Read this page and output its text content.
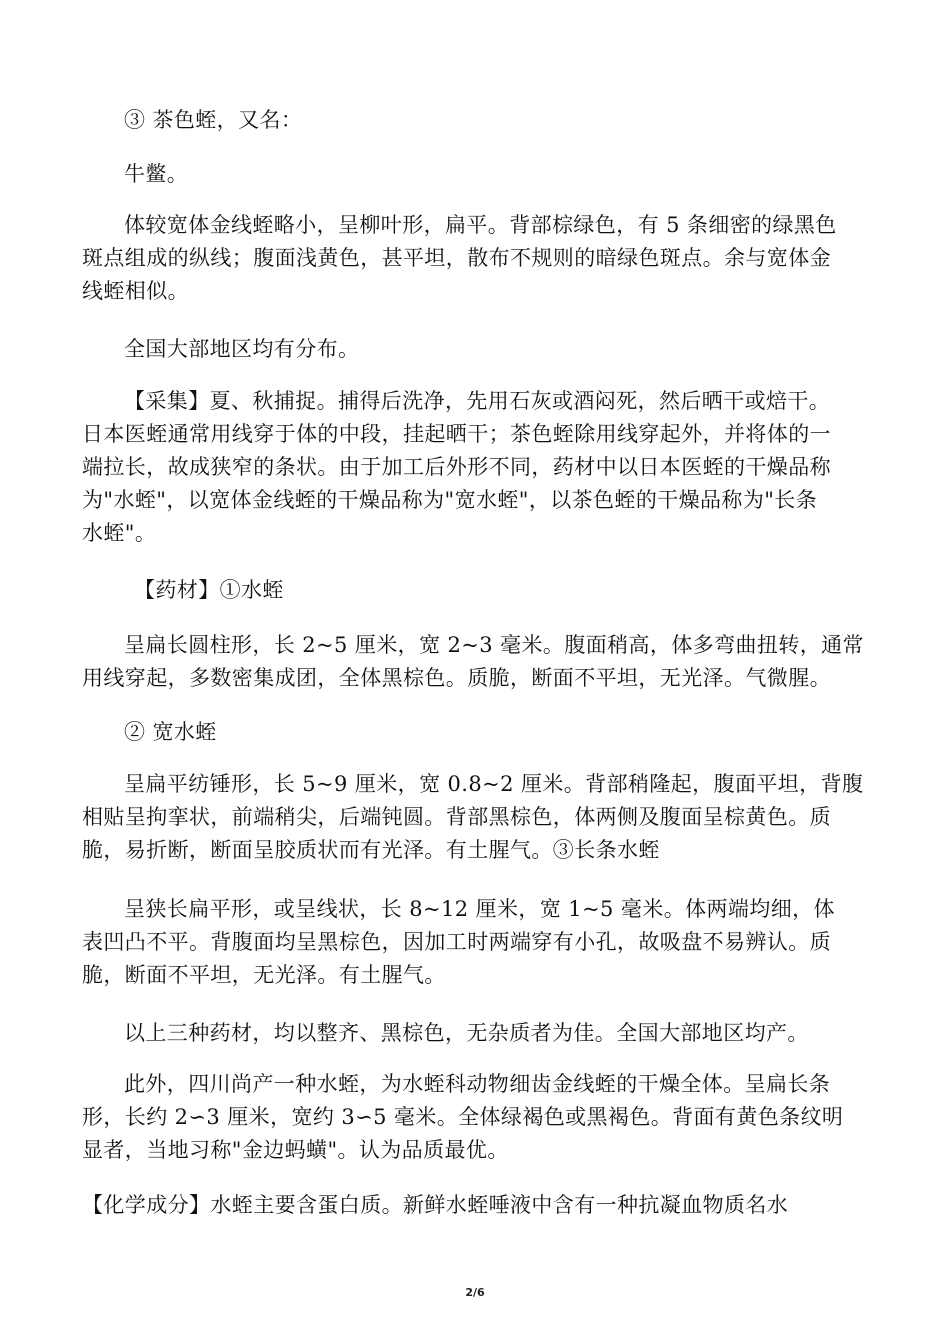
③ 茶色蛭，又名：

牛鳖。

体较宽体金线蛭略小，呈柳叶形，扁平。背部棕绿色，有 5 条细密的绿黑色
斑点组成的纵线；腹面浅黄色，甚平坦，散布不规则的暗绿色斑点。余与宽体金
线蛭相似。

全国大部地区均有分布。

【采集】夏、秋捕捉。捕得后洗净，先用石灰或酒闷死，然后晒干或焙干。
日本医蛭通常用线穿于体的中段，挂起晒干；茶色蛭除用线穿起外，并将体的一
端拉长，故成狭窄的条状。由于加工后外形不同，药材中以日本医蛭的干燥品称
为"水蛭"，以宽体金线蛭的干燥品称为"宽水蛭"，以茶色蛭的干燥品称为"长条
水蛭"。

【药材】①水蛭

呈扁长圆柱形，长 2~5 厘米，宽 2~3 毫米。腹面稍高，体多弯曲扭转，通常
用线穿起，多数密集成团，全体黑棕色。质脆，断面不平坦，无光泽。气微腥。

② 宽水蛭

呈扁平纺锤形，长 5~9 厘米，宽 0.8~2 厘米。背部稍隆起，腹面平坦，背腹
相贴呈拘挛状，前端稍尖，后端钝圆。背部黑棕色，体两侧及腹面呈棕黄色。质
脆，易折断，断面呈胶质状而有光泽。有土腥气。③长条水蛭

呈狭长扁平形，或呈线状，长 8~12 厘米，宽 1~5 毫米。体两端均细，体
表凹凸不平。背腹面均呈黑棕色，因加工时两端穿有小孔，故吸盘不易辨认。质
脆，断面不平坦，无光泽。有土腥气。

以上三种药材，均以整齐、黑棕色，无杂质者为佳。全国大部地区均产。

此外，四川尚产一种水蛭，为水蛭科动物细齿金线蛭的干燥全体。呈扁长条
形，长约 2∽3 厘米，宽约 3∽5 毫米。全体绿褐色或黑褐色。背面有黄色条纹明
显者，当地习称"金边蚂蟥"。认为品质最优。

【化学成分】水蛭主要含蛋白质。新鲜水蛭唾液中含有一种抗凝血物质名水

2/6
